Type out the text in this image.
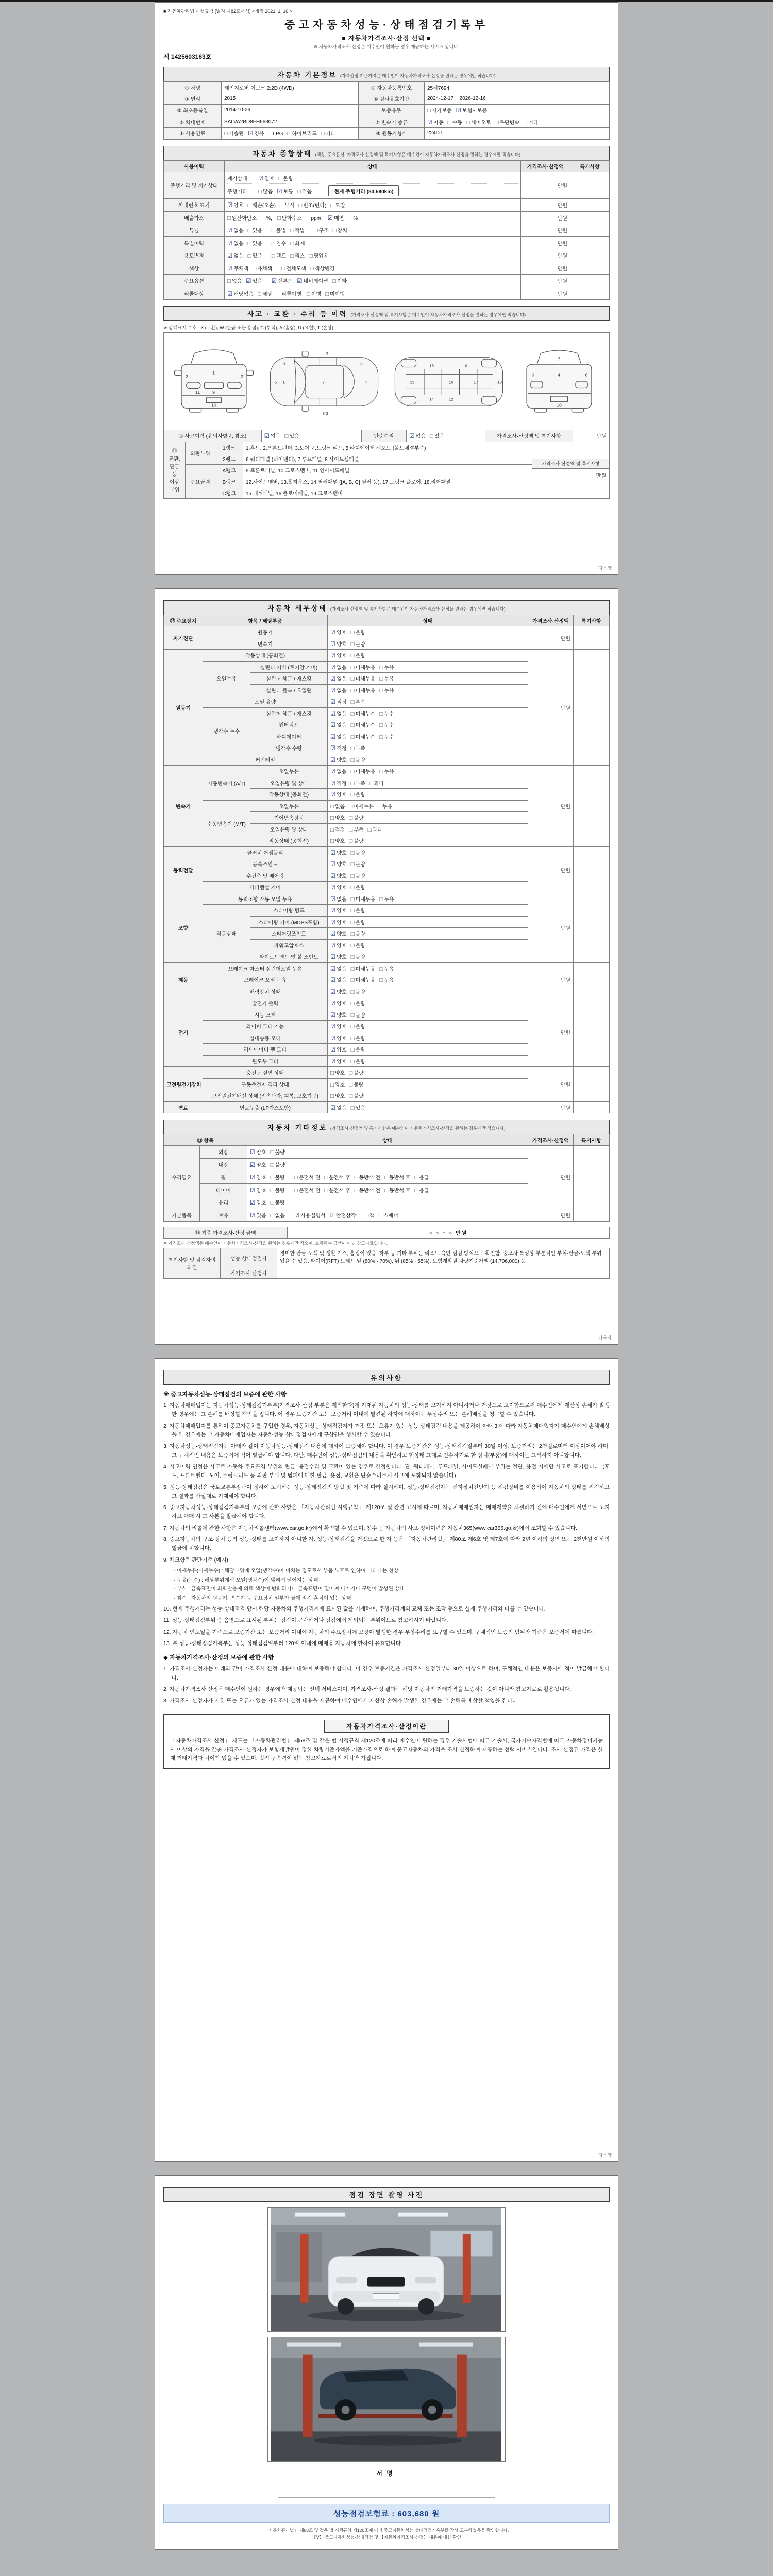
■ 자동차관리법 시행규칙 [별지 제82호서식] <개정 2021. 1. 16.>
중고자동차성능·상태점검기록부
■ 자동차가격조사·산정 선택 ■
※ 자동차가격조사·산정은 매수인이 원하는 경우 제공하는 서비스 입니다.
제 1425603163호
자동차 기본정보 (가격산정 기준가격은 매수인이 자동차가격조사·산정을 원하는 경우에만 적습니다)
① 차명	레인지로버 이보크 2.2D (4WD)	② 자동차등록번호	25허7694
③ 연식	2015	④ 검사유효기간	2024-12-17 ~ 2026-12-16
⑤ 최초등록일	2014-10-29	보증유무	□ 자가보증 ☑ 보험사보증
⑥ 차대번호	SALVA2BD8FH663072	⑦ 변속기 종류	☑ 자동 □ 수동 □ 세미오토 □ 무단변속 □ 기타
⑧ 사용연료	□ 가솔린 ☑ 경유 □ LPG □ 하이브리드 □ 기타	⑨ 원동기형식	224DT
자동차 종합상태 (색상, 주요옵션, 가격조사·산정액 및 특기사항은 매수인이 자동차가격조사·산정을 원하는 경우에만 적습니다)
사용이력	상태	가격조사·산정액	특기사항
주행거리 및 계기상태	계기상태 ☑ 양호 □ 불량
주행거리 □ 많음 ☑ 보통 □ 적음 현재 주행거리 (83,590km)	만원	
차대번호 표기	☑ 양호 □ 훼손(오손) □ 부식 □ 변조(변타) □ 도말	만원	
배출가스	□ 일산화탄소 %, □ 탄화수소 ppm, ☑ 매연 %	만원	
튜닝	☑ 없음 □ 있음 □ 불법 □ 적법 □ 구조 □ 장치	만원	
특별이력	☑ 없음 □ 있음 □ 침수 □ 화재	만원	
용도변경	☑ 없음 □ 있음 □ 렌트 □ 리스 □ 영업용	만원	
색상	☑ 무채색 □ 유채색 □ 전체도색 □ 색상변경	만원	
주요옵션	□ 없음 ☑ 있음 ☑ 선루프 ☑ 네비게이션 □ 기타	만원	
리콜대상	☑ 해당없음 □ 해당 리콜이행 □ 이행 □ 미이행	만원	
사고 · 교환 · 수리 등 이력 (가격조사·산정액 및 특기사항은 매수인이 자동차가격조사·산정을 원하는 경우에만 적습니다)
※ 상태표시 부호 : X (교환), W (판금 또는 용접), C (부식), A (흠집), U (요철), T (손상)
1
2	2
9
11
10
5 1
2
7
3
3
6
4
8
13
15
16
19
17
12
14
18
7
4
6	6
18
⑩ 사고이력 (유의사항 4. 참조)	☑ 없음 □ 있음	단순수리	☑ 없음 □ 있음	가격조사·산정액 및 특기사항	만원
⑪ 교환, 판금 등 이상 부위	외판부위	1랭크	1.후드, 2.프론트펜더, 3.도어, 4.트렁크 리드, 5.라디에이터 서포트 (볼트체결부품)	가격조사·산정액 및 특기사항
만원

		2랭크	6.쿼터패널 (리어펜더), 7.루프패널, 8.사이드실패널	
	주요골격	A랭크	9.프론트패널, 10.크로스멤버, 11.인사이드패널	
		B랭크	12.사이드멤버, 13.휠하우스, 14.필러패널 ([A, B, C] 필러 등), 17.트렁크 플로어, 18.리어패널	
		C랭크	15.대쉬패널, 16.플로어패널, 19.크로스멤버	
다음장
자동차 세부상태 (가격조사·산정액 및 특기사항은 매수인이 자동차가격조사·산정을 원하는 경우에만 적습니다)
⑫ 주요장치	항목 / 해당부품		상태	가격조사·산정액	특기사항
자기진단	원동기		☑ 양호 □ 불량	만원	
	변속기		☑ 양호 □ 불량		
원동기	작동상태 (공회전)		☑ 양호 □ 불량	만원	
	오일누유	실린더 커버 (로커암 커버)	☑ 없음 □ 미세누유 □ 누유		
		실린더 헤드 / 개스킷	☑ 없음 □ 미세누유 □ 누유		
		실린더 블록 / 오일팬	☑ 없음 □ 미세누유 □ 누유		
	오일 유량		☑ 적정 □ 부족		
	냉각수 누수	실린더 헤드 / 개스킷	☑ 없음 □ 미세누수 □ 누수		
		워터펌프	☑ 없음 □ 미세누수 □ 누수		
		라디에이터	☑ 없음 □ 미세누수 □ 누수		
		냉각수 수량	☑ 적정 □ 부족		
	커먼레일		☑ 양호 □ 불량		
변속기	자동변속기 (A/T)	오일누유	☑ 없음 □ 미세누유 □ 누유	만원	
		오일유량 및 상태	☑ 적정 □ 부족 □ 과다		
		작동상태 (공회전)	☑ 양호 □ 불량		
	수동변속기 (M/T)	오일누유	□ 없음 □ 미세누유 □ 누유		
		기어변속장치	□ 양호 □ 불량		
		오일유량 및 상태	□ 적정 □ 부족 □ 과다		
		작동상태 (공회전)	□ 양호 □ 불량		
동력전달	클러치 어셈블리		☑ 양호 □ 불량	만원	
	등속조인트		☑ 양호 □ 불량		
	추진축 및 베어링		☑ 양호 □ 불량		
	디퍼렌셜 기어		☑ 양호 □ 불량		
조향	동력조향 작동 오일 누유		☑ 없음 □ 미세누유 □ 누유	만원	
	작동상태	스티어링 펌프	☑ 양호 □ 불량		
		스티어링 기어 (MDPS포함)	☑ 양호 □ 불량		
		스티어링조인트	☑ 양호 □ 불량		
		파워고압호스	☑ 양호 □ 불량		
		타이로드엔드 및 볼 조인트	☑ 양호 □ 불량		
제동	브레이크 마스터 실린더오일 누유		☑ 없음 □ 미세누유 □ 누유	만원	
	브레이크 오일 누유		☑ 없음 □ 미세누유 □ 누유		
	배력장치 상태		☑ 양호 □ 불량		
전기	발전기 출력		☑ 양호 □ 불량	만원	
	시동 모터		☑ 양호 □ 불량		
	와이퍼 모터 기능		☑ 양호 □ 불량		
	실내송풍 모터		☑ 양호 □ 불량		
	라디에이터 팬 모터		☑ 양호 □ 불량		
	윈도우 모터		☑ 양호 □ 불량		
고전원전기장치	충전구 절연 상태		□ 양호 □ 불량	만원	
	구동축전지 격리 상태		□ 양호 □ 불량		
	고전원전기배선 상태 (접속단자, 피복, 보호기구)		□ 양호 □ 불량		
연료	연료누출 (LP가스포함)		☑ 없음 □ 있음	만원	
자동차 기타정보 (가격조사·산정액 및 특기사항은 매수인이 자동차가격조사·산정을 원하는 경우에만 적습니다)
⑬ 항목		상태	가격조사·산정액	특기사항
수리필요	외장	☑ 양호 □ 불량	만원	
	내장	☑ 양호 □ 불량		

	휠	☑ 양호 □ 불량 □ 운전석 전 □ 운전석 후 □ 동반석 전 □ 동반석 후 □ 응급		

	타이어	☑ 양호 □ 불량 □ 운전석 전 □ 운전석 후 □ 동반석 전 □ 동반석 후 □ 응급		

	유리	☑ 양호 □ 불량		

기본품목	보유	☑ 있음 □ 없음 ☑ 사용설명서 ☑ 안전삼각대 □ 잭 □ 스패너	만원	
⑭ 최종 가격조사·산정 금액	○ ○ ○ ○ 만원
※ 가격조사·산정액은 매수인이 자동차가격조사·산정을 원하는 경우에만 적으며, 보증하는 금액이 아닌 참고자료입니다.
특기사항 및 점검자의 의견	성능·상태점검자	경미한 판금·도색 및 생활 기스, 흠집이 있음. 하부 등 기타 부위는 리프트 육안 점검 방식으로 확인함. 중고차 특성상 부분적인 부식·판금·도색 부위 있을 수 있음. 타이어(RFT) 트레드 앞 (80% · 70%), 뒤 (85% · 55%). 보험개발원 차량기준가액 (14,706,000) 등
	가격조사·산정자	
다음장
유의사항
※ 중고자동차성능·상태점검의 보증에 관한 사항
1. 자동차매매업자는 자동차성능·상태점검기록부(가격조사·산정 부분은 제외한다)에 기재된 자동차의 성능·상태를 고지하지 아니하거나 거짓으로 고지함으로써 매수인에게 재산상 손해가 발생한 경우에는 그 손해를 배상할 책임을 집니다. 이 경우 보증기간 또는 보증거리 이내에 발견된 하자에 대하여는 무상수리 또는 손해배상을 청구할 수 있습니다.
2. 자동차매매업자를 통하여 중고자동차를 구입한 경우, 자동차성능·상태점검자가 거짓 또는 오류가 있는 성능·상태점검 내용을 제공하여 아래 3.에 따라 자동차매매업자가 매수인에게 손해배상을 한 경우에는 그 자동차매매업자는 자동차성능·상태점검자에게 구상권을 행사할 수 있습니다.
3. 자동차성능·상태점검자는 아래와 같이 자동차성능·상태점검 내용에 대하여 보증해야 합니다. 이 경우 보증기간은 성능·상태점검일부터 30일 이상, 보증거리는 2천킬로미터 이상이어야 하며, 그 구체적인 내용은 보증서에 적어 발급해야 합니다. 다만, 매수인이 성능·상태점검의 내용을 확인하고 현상태 그대로 인수하기로 한 장치(부품)에 대하여는 그러하지 아니합니다.
4. 사고이력 인정은 사고로 자동차 주요골격 부위의 판금, 용접수리 및 교환이 있는 경우로 한정합니다. 단, 쿼터패널, 루프패널, 사이드실패널 부위는 절단, 용접 시에만 사고로 표기합니다. (후드, 프론트펜더, 도어, 트렁크리드 등 외판 부위 및 범퍼에 대한 판금, 용접, 교환은 단순수리로서 사고에 포함되지 않습니다)
5. 성능·상태점검은 국토교통부장관이 정하여 고시하는 성능·상태점검의 방법 및 기준에 따라 실시하며, 성능·상태점검자는 전자장치진단기 등 점검장비를 이용하여 자동차의 상태를 점검하고 그 결과를 사실대로 기재해야 합니다.
6. 중고자동차성능·상태점검기록부의 보증에 관한 사항은 「자동차관리법 시행규칙」 제120조 및 관련 고시에 따르며, 자동차매매업자는 매매계약을 체결하기 전에 매수인에게 서면으로 고지하고 매매 시 그 사본을 발급해야 합니다.
7. 자동차의 리콜에 관한 사항은 자동차리콜센터(www.car.go.kr)에서 확인할 수 있으며, 침수 등 자동차의 사고·정비이력은 자동차365(www.car365.go.kr)에서 조회할 수 있습니다.
8. 중고자동차의 구조·장치 등의 성능·상태를 고지하지 아니한 자, 성능·상태점검을 거짓으로 한 자 등은 「자동차관리법」 제80조 제6호 및 제7호에 따라 2년 이하의 징역 또는 2천만원 이하의 벌금에 처합니다.
9. 체크항목 판단기준 (예시)
- 미세누유(미세누수) : 해당부위에 오일(냉각수)이 비치는 정도로서 부품 노후로 인하여 나타나는 현상
- 누유(누수) : 해당부위에서 오일(냉각수)이 맺혀서 떨어지는 상태
- 부식 : 금속표면이 화학반응에 의해 색상이 변화되거나 금속표면이 떨어져 나가거나 구멍이 발생된 상태
- 침수 : 자동차의 원동기, 변속기 등 주요장치 일부가 물에 잠긴 흔적이 있는 상태
10. 현재 주행거리는 성능·상태점검 당시 해당 자동차의 주행거리계에 표시된 값을 기재하며, 주행거리계의 교체 또는 조작 등으로 실제 주행거리와 다를 수 있습니다.
11. 성능·상태점검부위 중 음영으로 표시된 부위는 점검이 곤란하거나 점검에서 제외되는 부위이므로 참고하시기 바랍니다.
12. 자동차 인도일을 기준으로 보증기간 또는 보증거리 이내에 자동차의 주요장치에 고장이 발생한 경우 무상수리를 요구할 수 있으며, 구체적인 보증의 범위와 기준은 보증서에 따릅니다.
13. 본 성능·상태점검기록부는 성능·상태점검일부터 120일 이내에 매매용 자동차에 한하여 유효합니다.
◆ 자동차가격조사·산정의 보증에 관한 사항
1. 가격조사·산정자는 아래와 같이 가격조사·산정 내용에 대하여 보증해야 합니다. 이 경우 보증기간은 가격조사·산정일부터 30일 이상으로 하며, 구체적인 내용은 보증서에 적어 발급해야 합니다.
2. 자동차가격조사·산정은 매수인이 원하는 경우에만 제공되는 선택 서비스이며, 가격조사·산정 결과는 해당 자동차의 거래가격을 보증하는 것이 아니라 참고자료로 활용됩니다.
3. 가격조사·산정자가 거짓 또는 오류가 있는 가격조사·산정 내용을 제공하여 매수인에게 재산상 손해가 발생한 경우에는 그 손해를 배상할 책임을 집니다.
자동차가격조사·산정이란
「자동차가격조사·산정」 제도는 「자동차관리법」 제58조 및 같은 법 시행규칙 제120조에 따라 매수인이 원하는 경우 기술사법에 따른 기술사, 국가기술자격법에 따른 자동차정비기능사 이상의 자격을 갖춘 가격조사·산정자가 보험개발원이 정한 차량기준가액을 기준가격으로 하여 중고자동차의 가격을 조사·산정하여 제공하는 선택 서비스입니다. 조사·산정된 가격은 실제 거래가격과 차이가 있을 수 있으며, 법적 구속력이 없는 참고자료로서의 가치만 가집니다.
다음장
점검 장면 촬영 사진
서명
성능점검보험료 : 603,680 원
「자동차관리법」 제58조 및 같은 법 시행규칙 제120조에 따라 중고자동차성능·상태점검기록부를 작성·교부하였음을 확인합니다.
【Ⅴ】 중고자동차성능·상태점검 및 【자동차가격조사·산정】 내용에 대한 확인
